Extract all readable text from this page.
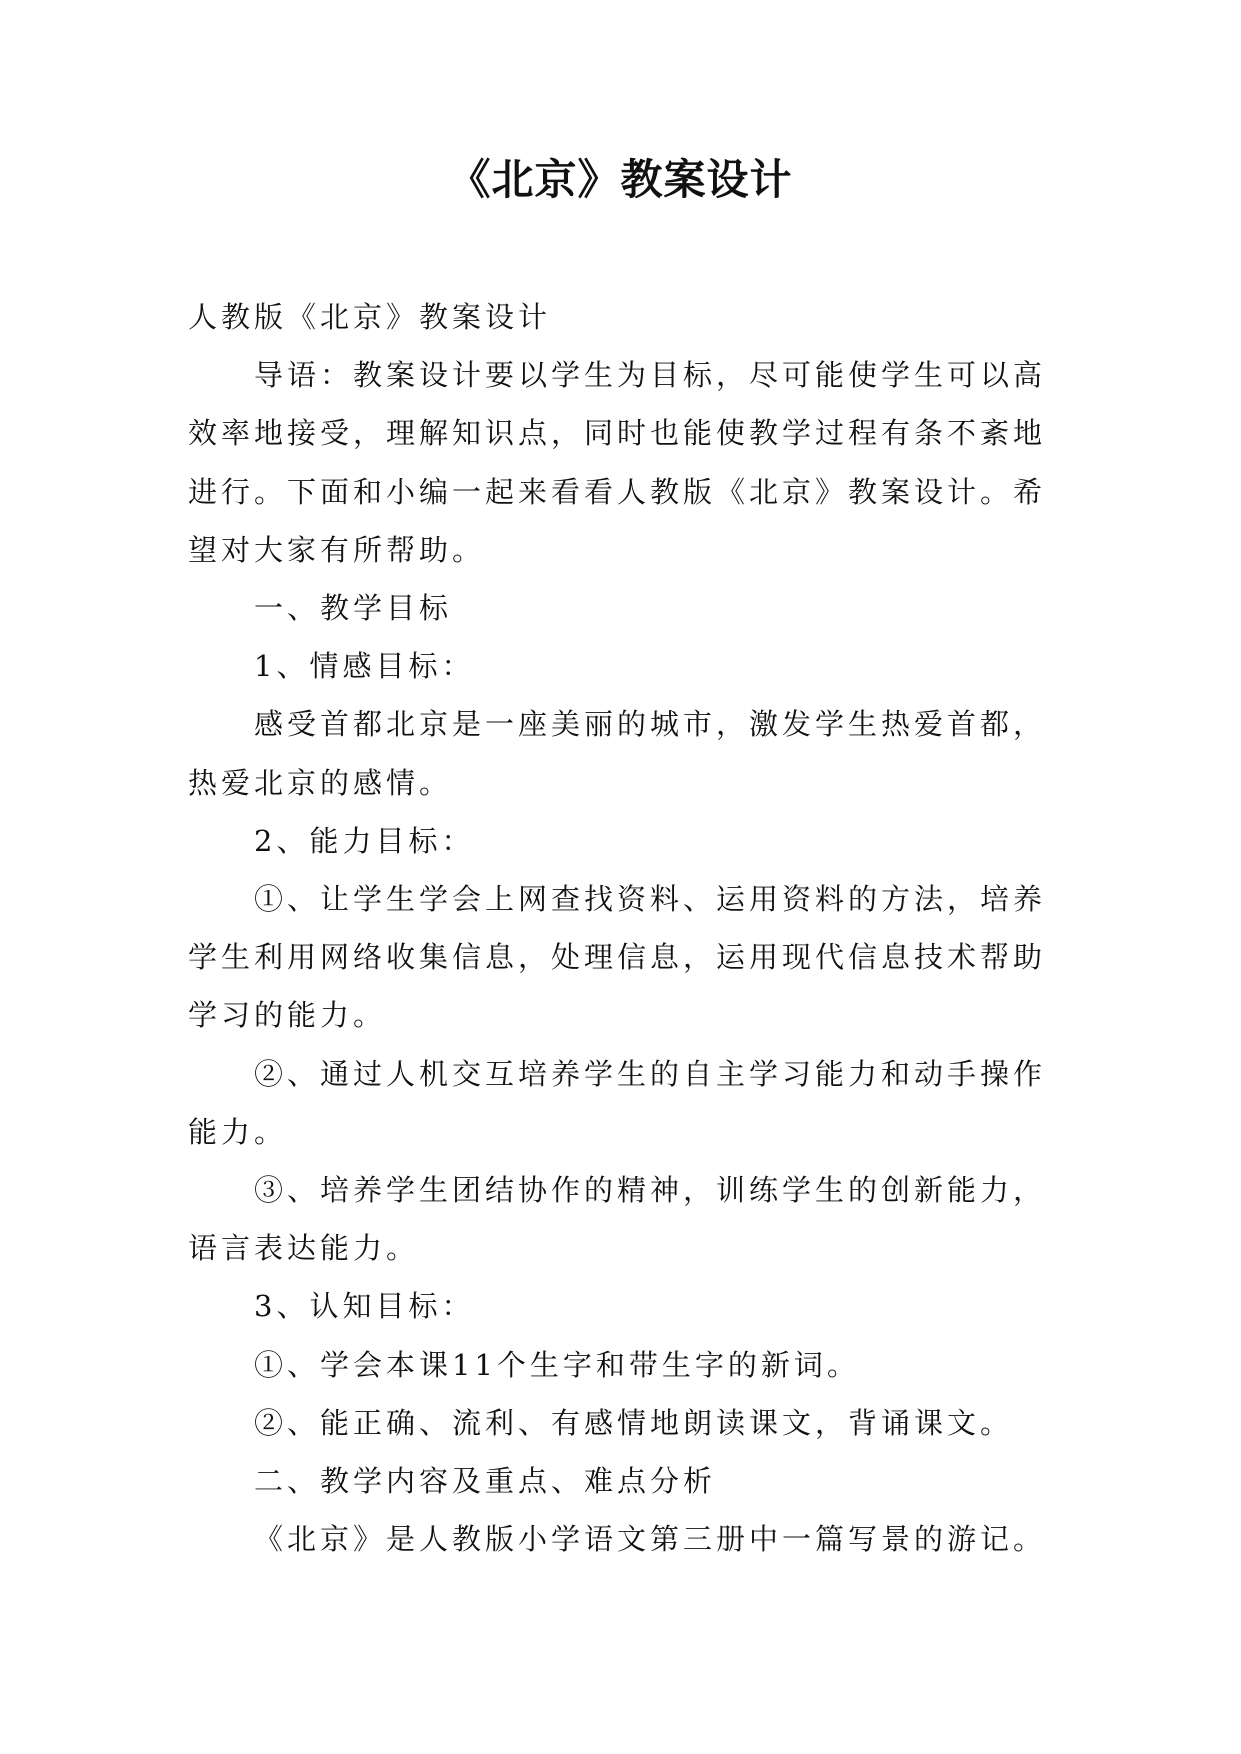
《北京》教案设计

人教版《北京》教案设计

导语：教案设计要以学生为目标，尽可能使学生可以高效率地接受，理解知识点，同时也能使教学过程有条不紊地进行。下面和小编一起来看看人教版《北京》教案设计。希望对大家有所帮助。

一、教学目标

1、情感目标：

感受首都北京是一座美丽的城市，激发学生热爱首都，热爱北京的感情。

2、能力目标：

①、让学生学会上网查找资料、运用资料的方法，培养学生利用网络收集信息，处理信息，运用现代信息技术帮助学习的能力。

②、通过人机交互培养学生的自主学习能力和动手操作能力。

③、培养学生团结协作的精神，训练学生的创新能力，语言表达能力。

3、认知目标：

①、学会本课11个生字和带生字的新词。

②、能正确、流利、有感情地朗读课文，背诵课文。

二、教学内容及重点、难点分析

《北京》是人教版小学语文第三册中一篇写景的游记。
